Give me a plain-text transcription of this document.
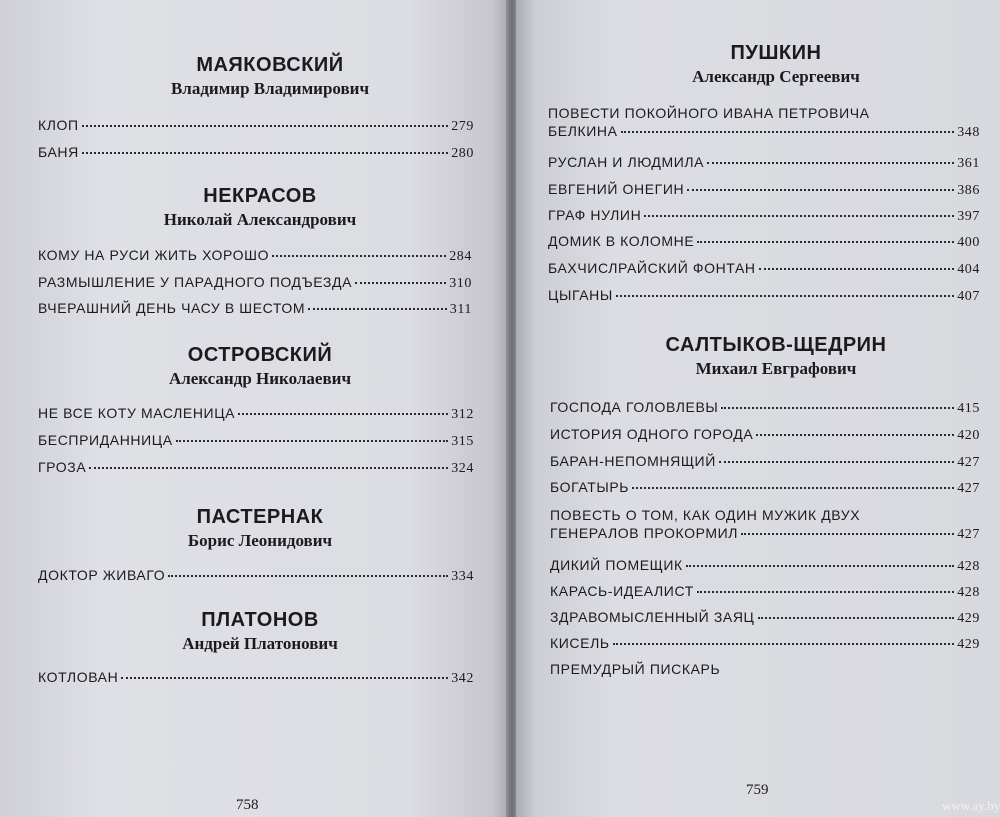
МАЯКОВСКИЙ
Владимир Владимирович
КЛОП	279
БАНЯ	280
НЕКРАСОВ
Николай Александрович
КОМУ НА РУСИ ЖИТЬ ХОРОШО	284
РАЗМЫШЛЕНИЕ У ПАРАДНОГО ПОДЪЕЗДА	310
ВЧЕРАШНИЙ ДЕНЬ ЧАСУ В ШЕСТОМ	311
ОСТРОВСКИЙ
Александр Николаевич
НЕ ВСЕ КОТУ МАСЛЕНИЦА	312
БЕСПРИДАННИЦА	315
ГРОЗА	324
ПАСТЕРНАК
Борис Леонидович
ДОКТОР ЖИВАГО	334
ПЛАТОНОВ
Андрей Платонович
КОТЛОВАН	342
758
ПУШКИН
Александр Сергеевич
ПОВЕСТИ ПОКОЙНОГО ИВАНА ПЕТРОВИЧА
БЕЛКИНА	348
РУСЛАН И ЛЮДМИЛА	361
ЕВГЕНИЙ ОНЕГИН	386
ГРАФ НУЛИН	397
ДОМИК В КОЛОМНЕ	400
БАХЧИСЛРАЙСКИЙ ФОНТАН	404
ЦЫГАНЫ	407
САЛТЫКОВ-ЩЕДРИН
Михаил Евграфович
ГОСПОДА ГОЛОВЛЕВЫ	415
ИСТОРИЯ ОДНОГО ГОРОДА	420
БАРАН-НЕПОМНЯЩИЙ	427
БОГАТЫРЬ	427
ПОВЕСТЬ О ТОМ, КАК ОДИН МУЖИК ДВУХ
ГЕНЕРАЛОВ ПРОКОРМИЛ	427
ДИКИЙ ПОМЕЩИК	428
КАРАСЬ-ИДЕАЛИСТ	428
ЗДРАВОМЫСЛЕННЫЙ ЗАЯЦ	429
КИСЕЛЬ	429
ПРЕМУДРЫЙ ПИСКАРЬ
759
www.ay.by
